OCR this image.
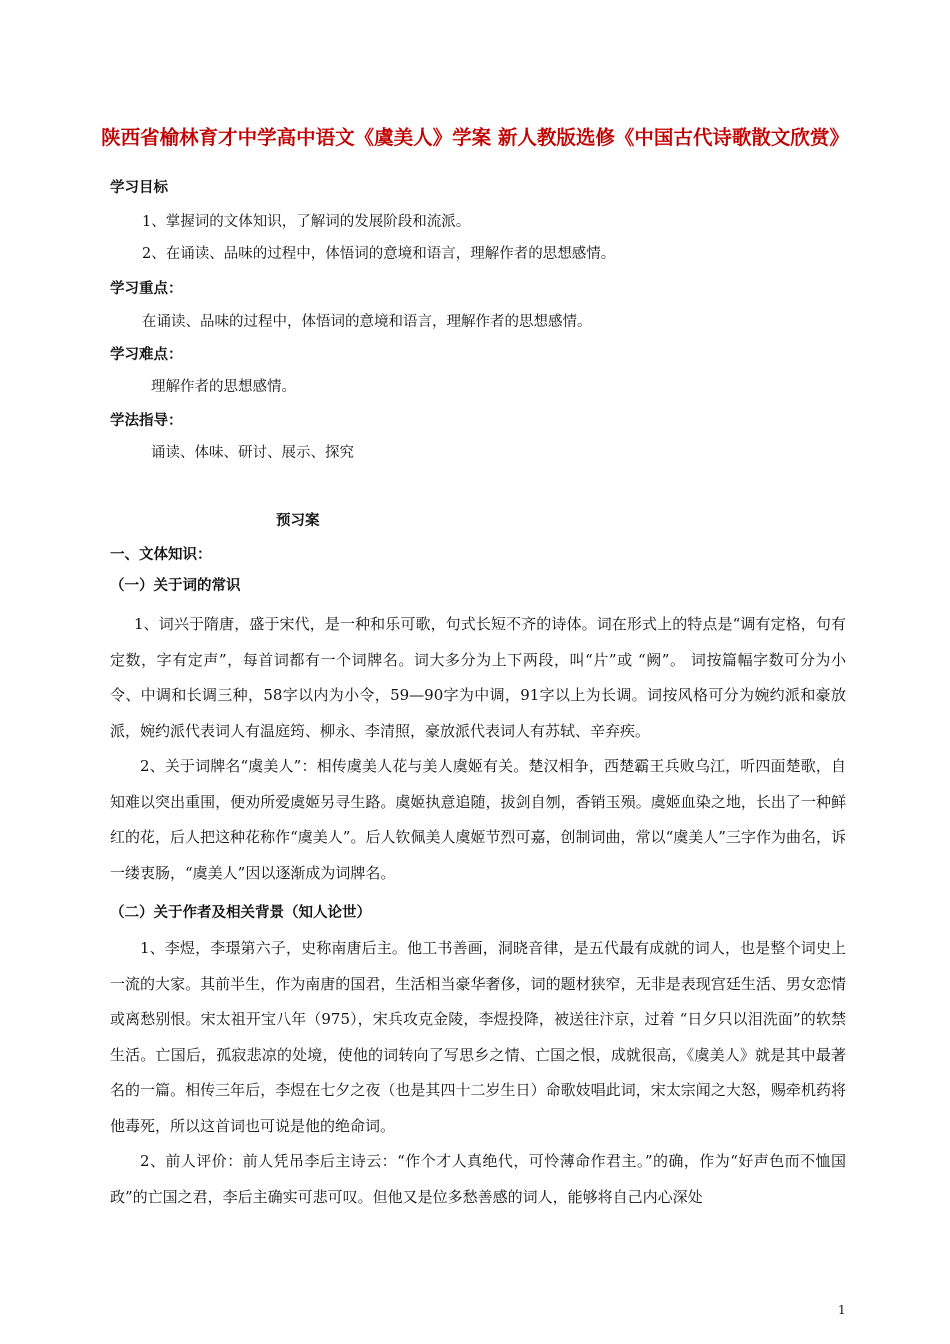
陕西省榆林育才中学高中语文《虞美人》学案 新人教版选修《中国古代诗歌散文欣赏》

学习目标

1、掌握词的文体知识，了解词的发展阶段和流派。

2、在诵读、品味的过程中，体悟词的意境和语言，理解作者的思想感情。

学习重点：

在诵读、品味的过程中，体悟词的意境和语言，理解作者的思想感情。

学习难点：

理解作者的思想感情。

学法指导：

诵读、体味、研讨、展示、探究

预习案

一、文体知识：

（一）关于词的常识

1、词兴于隋唐，盛于宋代，是一种和乐可歌，句式长短不齐的诗体。词在形式上的特点是“调有定格，句有定数，字有定声”，每首词都有一个词牌名。词大多分为上下两段，叫“片”或 “阙”。 词按篇幅字数可分为小令、中调和长调三种，58字以内为小令，59—90字为中调，91字以上为长调。词按风格可分为婉约派和豪放派，婉约派代表词人有温庭筠、柳永、李清照，豪放派代表词人有苏轼、辛弃疾。

2、关于词牌名“虞美人”：相传虞美人花与美人虞姬有关。楚汉相争，西楚霸王兵败乌江，听四面楚歌，自知难以突出重围，便劝所爱虞姬另寻生路。虞姬执意追随，拔剑自刎，香销玉殒。虞姬血染之地，长出了一种鲜红的花，后人把这种花称作“虞美人”。后人钦佩美人虞姬节烈可嘉，创制词曲，常以“虞美人”三字作为曲名，诉一缕衷肠，“虞美人”因以逐渐成为词牌名。

（二）关于作者及相关背景（知人论世）

1、李煜，李璟第六子，史称南唐后主。他工书善画，洞晓音律，是五代最有成就的词人，也是整个词史上一流的大家。其前半生，作为南唐的国君，生活相当豪华奢侈，词的题材狭窄，无非是表现宫廷生活、男女恋情或离愁别恨。宋太祖开宝八年（975），宋兵攻克金陵，李煜投降，被送往汴京，过着 “日夕只以泪洗面”的软禁生活。亡国后，孤寂悲凉的处境，使他的词转向了写思乡之情、亡国之恨，成就很高，《虞美人》就是其中最著名的一篇。相传三年后，李煜在七夕之夜（也是其四十二岁生日）命歌妓唱此词，宋太宗闻之大怒，赐牵机药将他毒死，所以这首词也可说是他的绝命词。

2、前人评价：前人凭吊李后主诗云：“作个才人真绝代，可怜薄命作君主。”的确，作为“好声色而不恤国政”的亡国之君，李后主确实可悲可叹。但他又是位多愁善感的词人，能够将自己内心深处

1
